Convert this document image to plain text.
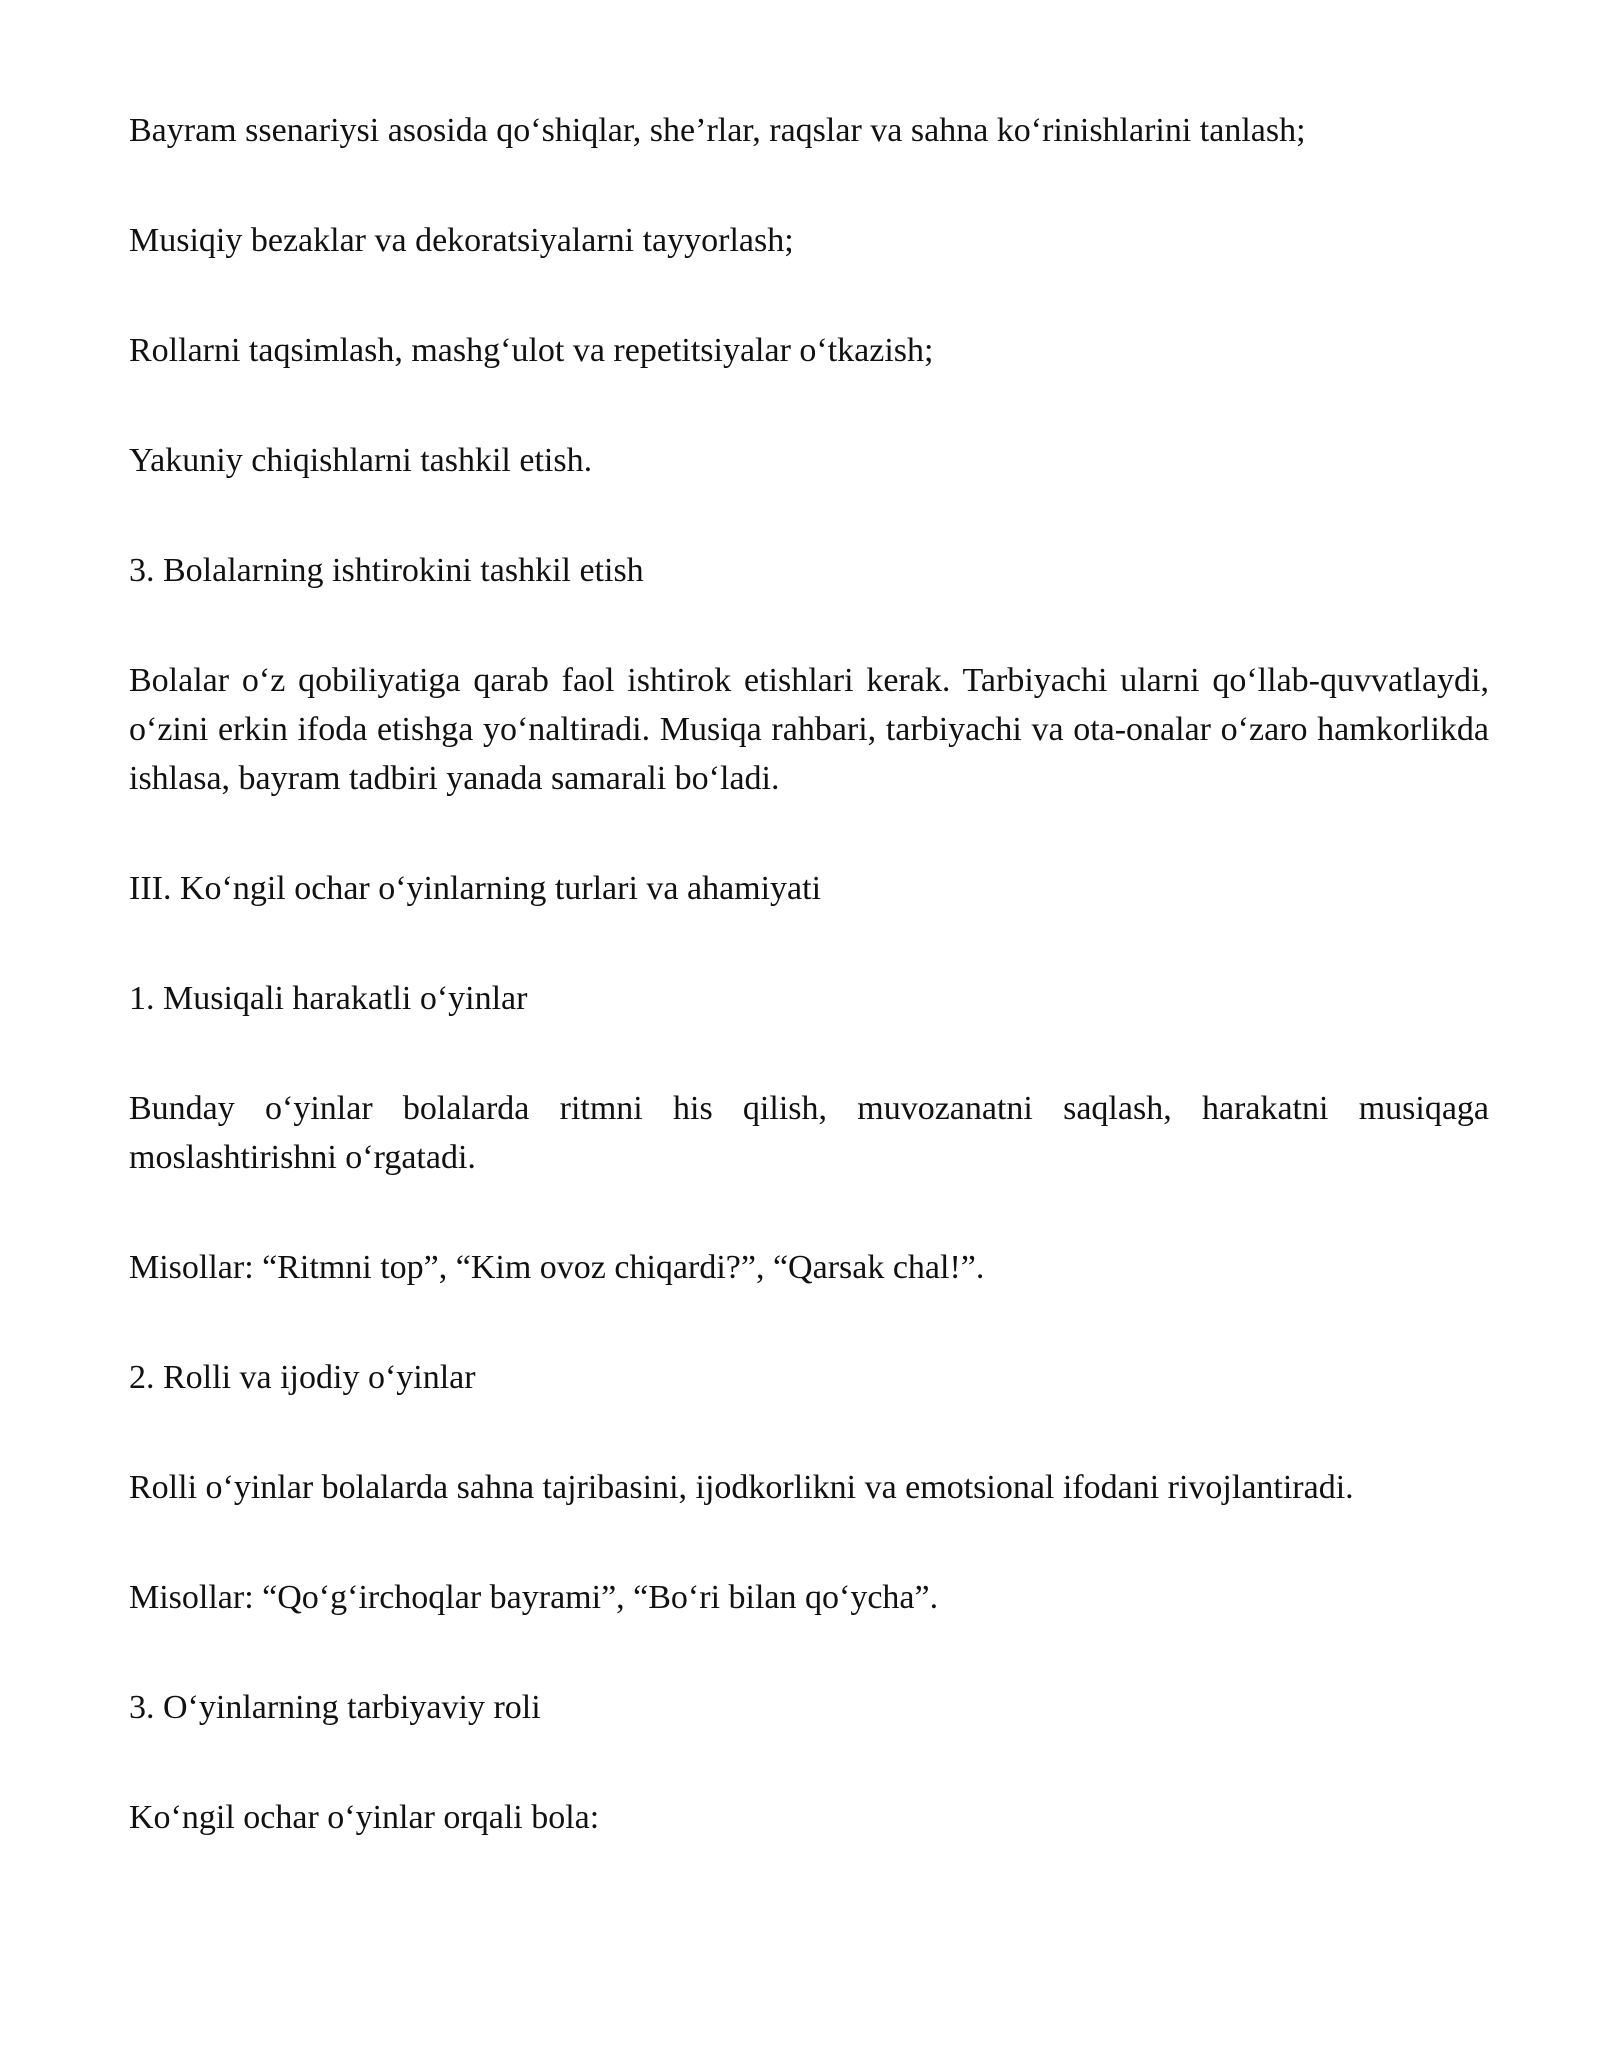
Bayram ssenariysi asosida qo‘shiqlar, she’rlar, raqslar va sahna ko‘rinishlarini tanlash;

Musiqiy bezaklar va dekoratsiyalarni tayyorlash;

Rollarni taqsimlash, mashg‘ulot va repetitsiyalar o‘tkazish;

Yakuniy chiqishlarni tashkil etish.

3. Bolalarning ishtirokini tashkil etish

Bolalar o‘z qobiliyatiga qarab faol ishtirok etishlari kerak. Tarbiyachi ularni qo‘llab-quvvatlaydi, o‘zini erkin ifoda etishga yo‘naltiradi. Musiqa rahbari, tarbiyachi va ota-onalar o‘zaro hamkorlikda ishlasa, bayram tadbiri yanada samarali bo‘ladi.

III. Ko‘ngil ochar o‘yinlarning turlari va ahamiyati

1. Musiqali harakatli o‘yinlar

Bunday o‘yinlar bolalarda ritmni his qilish, muvozanatni saqlash, harakatni musiqaga moslashtirishni o‘rgatadi.

Misollar: “Ritmni top”, “Kim ovoz chiqardi?”, “Qarsak chal!”.

2. Rolli va ijodiy o‘yinlar

Rolli o‘yinlar bolalarda sahna tajribasini, ijodkorlikni va emotsional ifodani rivojlantiradi.

Misollar: “Qo‘g‘irchoqlar bayrami”, “Bo‘ri bilan qo‘ycha”.

3. O‘yinlarning tarbiyaviy roli

Ko‘ngil ochar o‘yinlar orqali bola:
